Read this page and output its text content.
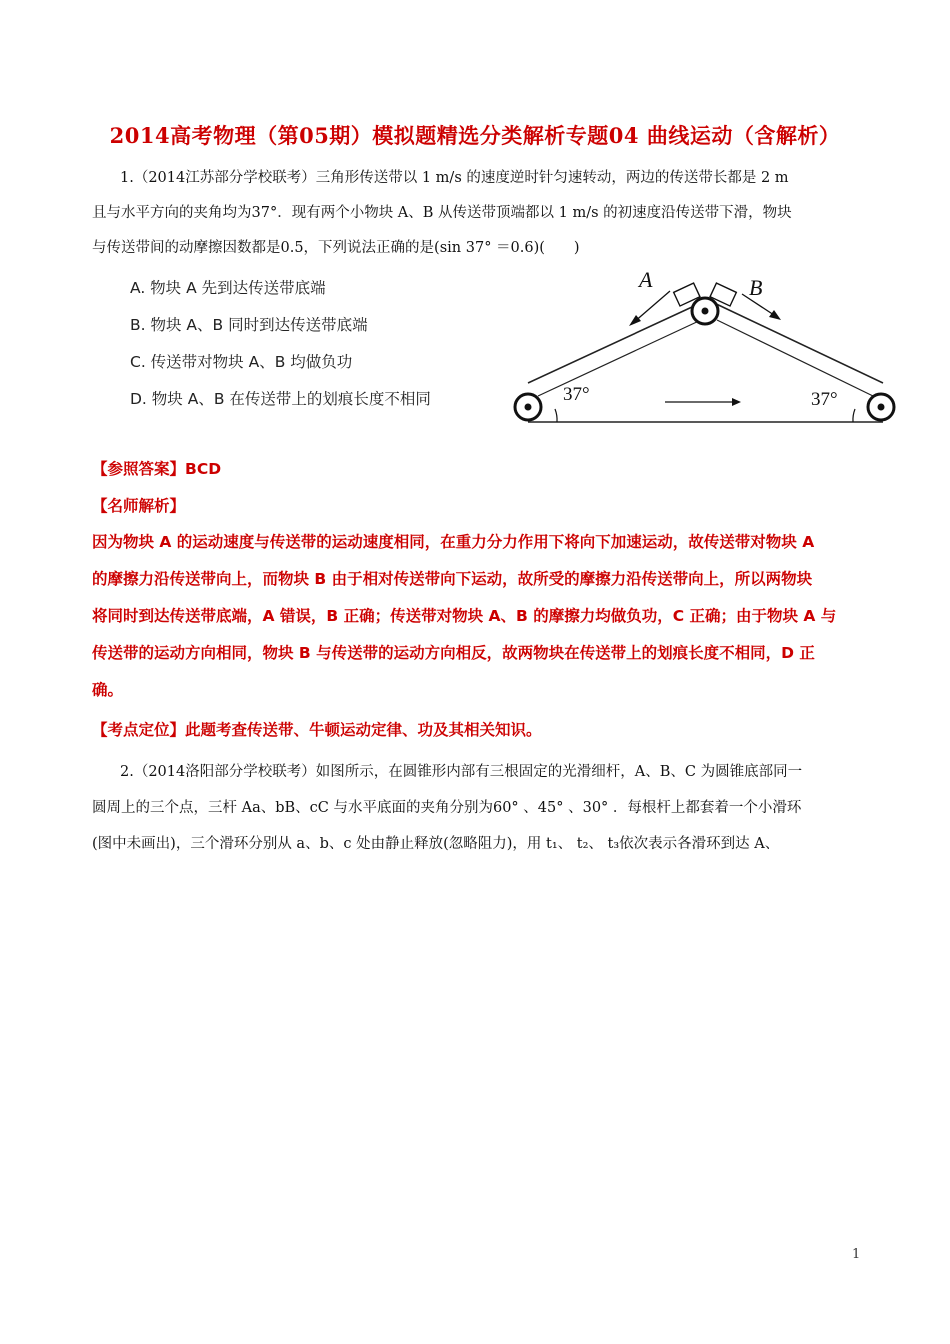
2014高考物理（第05期）模拟题精选分类解析专题04 曲线运动（含解析）
1.（2014江苏部分学校联考）三角形传送带以 1 m/s 的速度逆时针匀速转动，两边的传送带长都是 2 m
且与水平方向的夹角均为37°．现有两个小物块 A、B 从传送带顶端都以 1 m/s 的初速度沿传送带下滑，物块
与传送带间的动摩擦因数都是0.5，下列说法正确的是(sin 37° ＝0.6)(　　)
A. 物块 A 先到达传送带底端
B. 物块 A、B 同时到达传送带底端
C. 传送带对物块 A、B 均做负功
D. 物块 A、B 在传送带上的划痕长度不相同
A	B
37°	37°
【参照答案】BCD
【名师解析】
因为物块 A 的运动速度与传送带的运动速度相同，在重力分力作用下将向下加速运动，故传送带对物块 A
的摩擦力沿传送带向上，而物块 B 由于相对传送带向下运动，故所受的摩擦力沿传送带向上，所以两物块
将同时到达传送带底端，A 错误，B 正确；传送带对物块 A、B 的摩擦力均做负功，C 正确；由于物块 A 与
传送带的运动方向相同，物块 B 与传送带的运动方向相反，故两物块在传送带上的划痕长度不相同，D 正
确。
【考点定位】此题考查传送带、牛顿运动定律、功及其相关知识。
2.（2014洛阳部分学校联考）如图所示，在圆锥形内部有三根固定的光滑细杆，A、B、C 为圆锥底部同一
圆周上的三个点，三杆 Aa、bB、cC 与水平底面的夹角分别为60° 、45° 、30° ．每根杆上都套着一个小滑环
(图中未画出)，三个滑环分别从 a、b、c 处由静止释放(忽略阻力)，用 t₁、 t₂、 t₃依次表示各滑环到达 A、
1
